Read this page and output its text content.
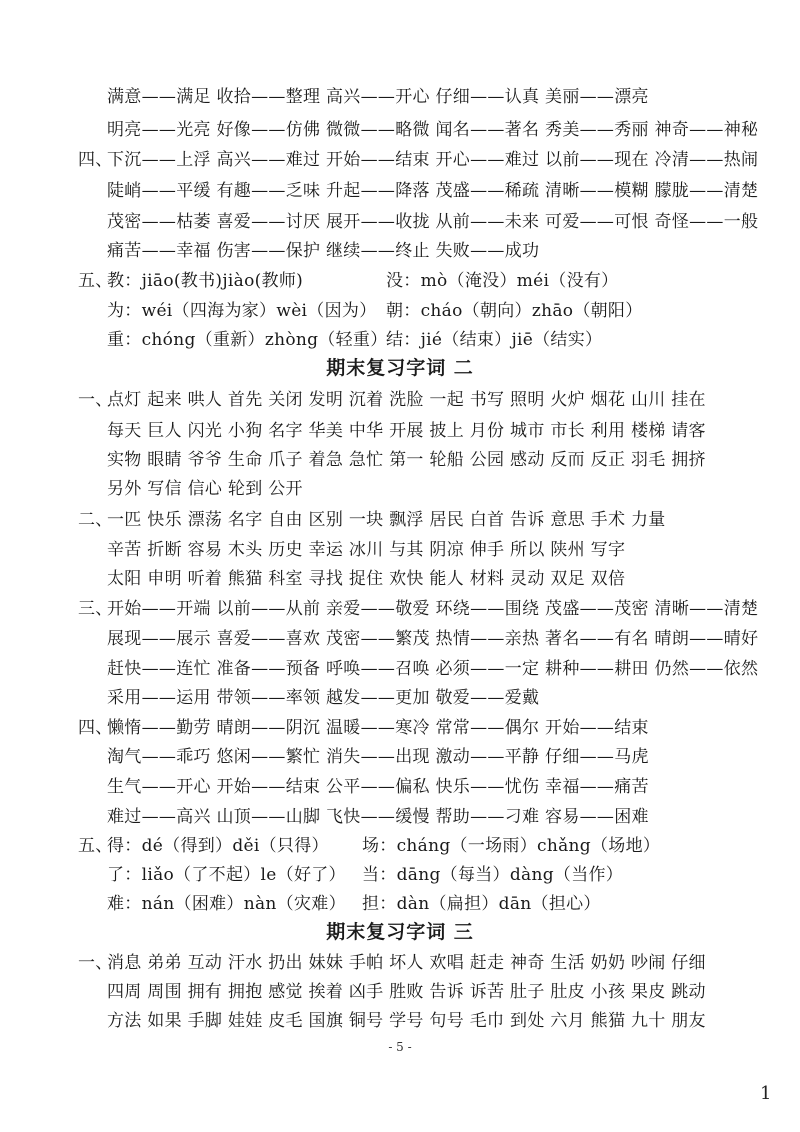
满意——满足 收拾——整理 高兴——开心 仔细——认真 美丽——漂亮
明亮——光亮 好像——仿佛 微微——略微 闻名——著名 秀美——秀丽 神奇——神秘
四、
下沉——上浮 高兴——难过 开始——结束 开心——难过 以前——现在 冷清——热闹
陡峭——平缓 有趣——乏味 升起——降落 茂盛——稀疏 清晰——模糊 朦胧——清楚
茂密——枯萎 喜爱——讨厌 展开——收拢 从前——未来 可爱——可恨 奇怪——一般
痛苦——幸福 伤害——保护 继续——终止 失败——成功
五、
教：jiāo(教书)jiào(教师)	没：mò（淹没）méi（没有）
为：wéi（四海为家）wèi（因为） 朝：cháo（朝向）zhāo（朝阳）
重：chóng（重新）zhòng（轻重）
结：jié（结束）jiē（结实）
期末复习字词 二
一、
点灯 起来 哄人 首先 关闭 发明 沉着 洗脸 一起 书写 照明 火炉 烟花 山川 挂在
每天 巨人 闪光 小狗 名字 华美 中华 开展 披上 月份 城市 市长 利用 楼梯 请客
实物 眼睛 爷爷 生命 爪子 着急 急忙 第一 轮船 公园 感动 反而 反正 羽毛 拥挤
另外 写信 信心 轮到 公开
二、
一匹 快乐 漂荡 名字 自由 区别 一块 飘浮 居民 白首 告诉 意思 手术 力量
辛苦 折断 容易 木头 历史 幸运 冰川 与其 阴凉 伸手 所以 陕州 写字
太阳 申明 听着 熊猫 科室 寻找 捉住 欢快 能人 材料 灵动 双足 双倍
三、
开始——开端 以前——从前 亲爱——敬爱 环绕——围绕 茂盛——茂密 清晰——清楚
展现——展示 喜爱——喜欢 茂密——繁茂 热情——亲热 著名——有名 晴朗——晴好
赶快——连忙 准备——预备 呼唤——召唤 必须——一定 耕种——耕田 仍然——依然
采用——运用 带领——率领 越发——更加 敬爱——爱戴
四、
懒惰——勤劳 晴朗——阴沉 温暖——寒冷 常常——偶尔 开始——结束
淘气——乖巧 悠闲——繁忙 消失——出现 激动——平静 仔细——马虎
生气——开心 开始——结束 公平——偏私 快乐——忧伤 幸福——痛苦
难过——高兴 山顶——山脚 飞快——缓慢 帮助——刁难 容易——困难
五、
得：dé（得到）děi（只得） 场：cháng（一场雨）chǎng（场地）
了：liǎo（了不起）le（好了） 当：dāng（每当）dàng（当作）
难：nán（困难）nàn（灾难） 担：dàn（扁担）dān（担心）
期末复习字词 三
一、
消息 弟弟 互动 汗水 扔出 妹妹 手帕 坏人 欢唱 赶走 神奇 生活 奶奶 吵闹 仔细
四周 周围 拥有 拥抱 感觉 挨着 凶手 胜败 告诉 诉苦 肚子 肚皮 小孩 果皮 跳动
方法 如果 手脚 娃娃 皮毛 国旗 铜号 学号 句号 毛巾 到处 六月 熊猫 九十 朋友
- 5 -
1
